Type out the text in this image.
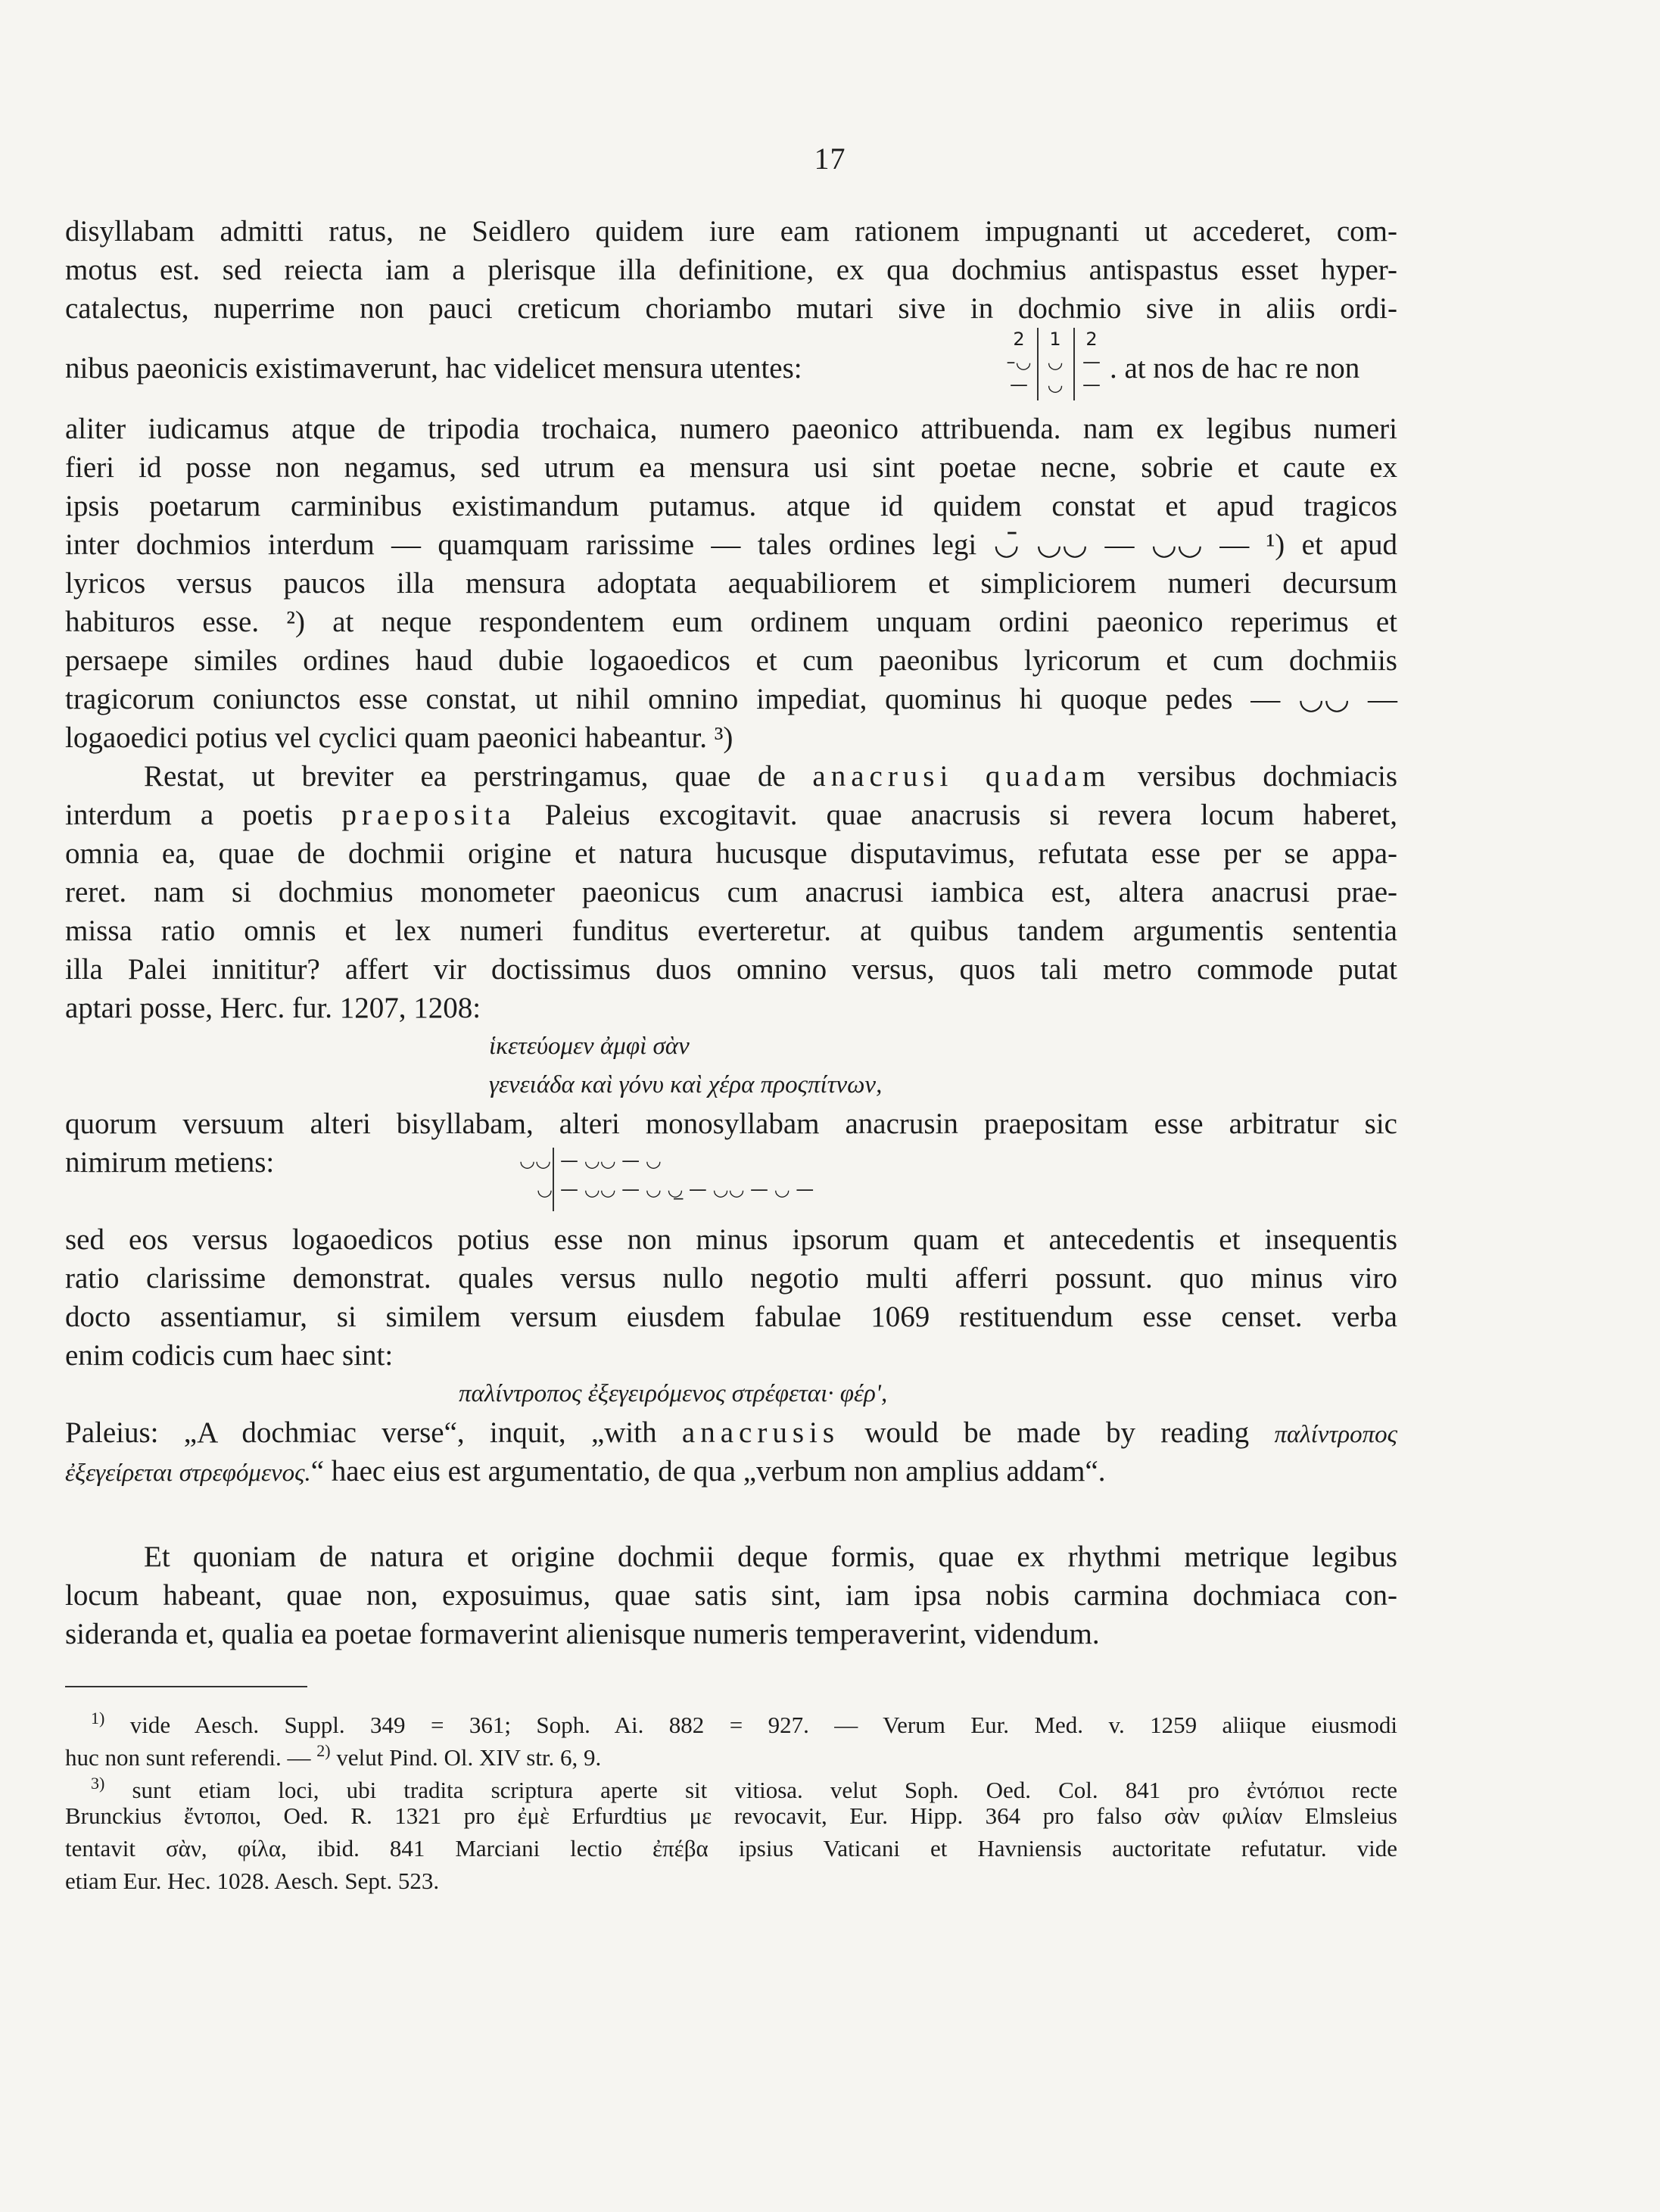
17
disyllabam admitti ratus, ne Seidlero quidem iure eam rationem impugnanti ut accederet, com-
motus est. sed reiecta iam a plerisque illa definitione, ex qua dochmius antispastus esset hyper-
catalectus, nuperrime non pauci creticum choriambo mutari sive in dochmio sive in aliis ordi-
nibus paeonicis existimaverunt, hac videlicet mensura utentes:
2
–◡
—
1
◡
◡
2
—
— . at nos de hac re non
aliter iudicamus atque de tripodia trochaica, numero paeonico attribuenda. nam ex legibus numeri
fieri id posse non negamus, sed utrum ea mensura usi sint poetae necne, sobrie et caute ex
ipsis poetarum carminibus existimandum putamus. atque id quidem constat et apud tragicos
inter dochmios interdum — quamquam rarissime — tales ordines legi ◡̄ ◡◡ — ◡◡ — ¹) et apud
lyricos versus paucos illa mensura adoptata aequabiliorem et simpliciorem numeri decursum
habituros esse. ²) at neque respondentem eum ordinem unquam ordini paeonico reperimus et
persaepe similes ordines haud dubie logaoedicos et cum paeonibus lyricorum et cum dochmiis
tragicorum coniunctos esse constat, ut nihil omnino impediat, quominus hi quoque pedes — ◡◡ —
logaoedici potius vel cyclici quam paeonici habeantur. ³)
Restat, ut breviter ea perstringamus, quae de anacrusi quadam versibus dochmiacis
interdum a poetis praeposita Paleius excogitavit. quae anacrusis si revera locum haberet,
omnia ea, quae de dochmii origine et natura hucusque disputavimus, refutata esse per se appa-
reret. nam si dochmius monometer paeonicus cum anacrusi iambica est, altera anacrusi prae-
missa ratio omnis et lex numeri funditus everteretur. at quibus tandem argumentis sententia
illa Palei innititur? affert vir doctissimus duos omnino versus, quos tali metro commode putat
aptari posse, Herc. fur. 1207, 1208:
ἱκετεύομεν ἀμφὶ σὰν
γενειάδα καὶ γόνυ καὶ χέρα προςπίτνων,
quorum versuum alteri bisyllabam, alteri monosyllabam anacrusin praepositam esse arbitratur sic
nimirum metiens:	◡◡ — ◡◡ — ◡
◡ — ◡◡ — ◡ ◡̲ — ◡◡ — ◡ —
sed eos versus logaoedicos potius esse non minus ipsorum quam et antecedentis et insequentis
ratio clarissime demonstrat. quales versus nullo negotio multi afferri possunt. quo minus viro
docto assentiamur, si similem versum eiusdem fabulae 1069 restituendum esse censet. verba
enim codicis cum haec sint:
παλίντροπος ἐξεγειρόμενος στρέφεται· φέρ',
Paleius: „A dochmiac verse“, inquit, „with anacrusis would be made by reading παλίντροπος
ἐξεγείρεται στρεφόμενος.“ haec eius est argumentatio, de qua „verbum non amplius addam“.
Et quoniam de natura et origine dochmii deque formis, quae ex rhythmi metrique legibus
locum habeant, quae non, exposuimus, quae satis sint, iam ipsa nobis carmina dochmiaca con-
sideranda et, qualia ea poetae formaverint alienisque numeris temperaverint, videndum.
$^{1)}$ vide Aesch. Suppl. 349 = 361; Soph. Ai. 882 = 927. — Verum Eur. Med. v. 1259 aliique eiusmodi
huc non sunt referendi. — $^{2)}$ velut Pind. Ol. XIV str. 6, 9.
$^{3)}$ sunt etiam loci, ubi tradita scriptura aperte sit vitiosa. velut Soph. Oed. Col. 841 pro ἐντόπιοι recte
Brunckius ἔντοποι, Oed. R. 1321 pro ἐμὲ Erfurdtius με revocavit, Eur. Hipp. 364 pro falso σὰν φιλίαν Elmsleius
tentavit σὰν, φίλα, ibid. 841 Marciani lectio ἐπέβα ipsius Vaticani et Havniensis auctoritate refutatur. vide
etiam Eur. Hec. 1028. Aesch. Sept. 523.
